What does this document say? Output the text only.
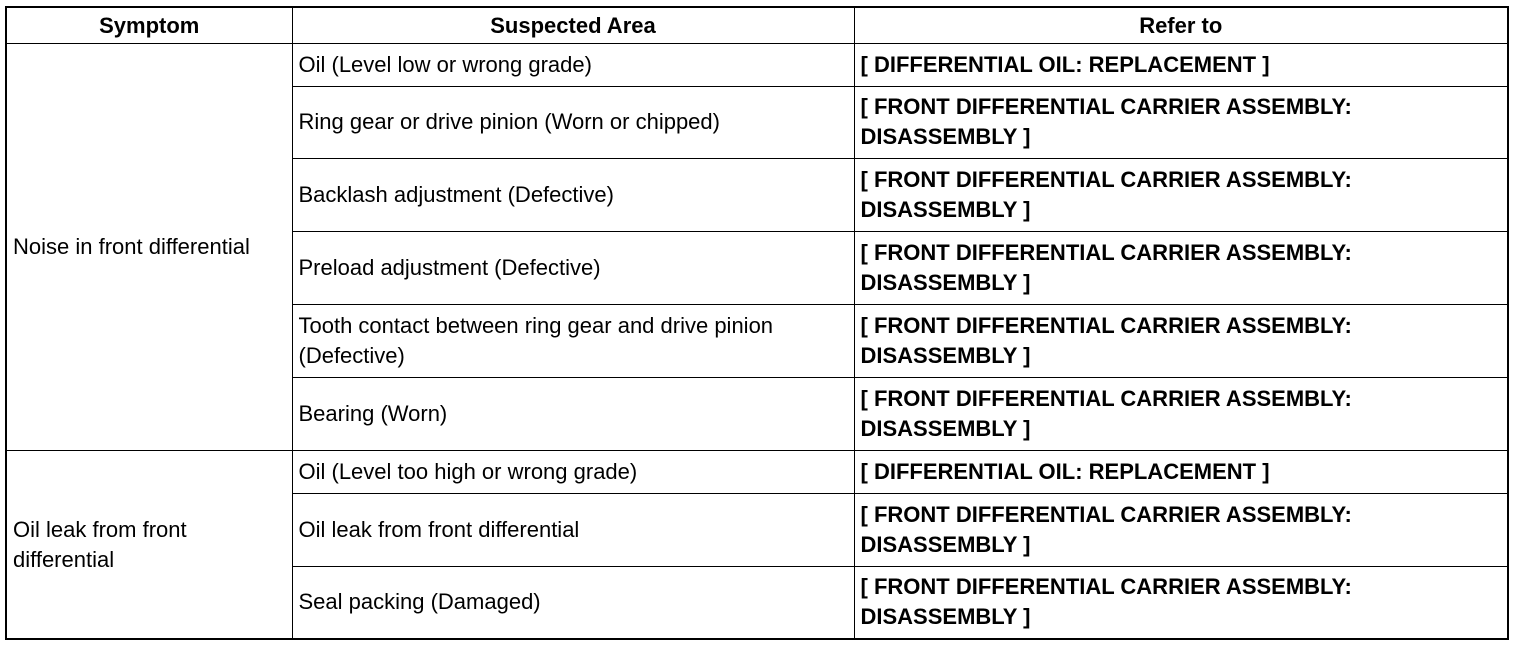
Symptom	Suspected Area	Refer to
Noise in front differential	Oil (Level low or wrong grade)	[ DIFFERENTIAL OIL: REPLACEMENT ]
	Ring gear or drive pinion (Worn or chipped)	[ FRONT DIFFERENTIAL CARRIER ASSEMBLY: DISASSEMBLY ]
	Backlash adjustment (Defective)	[ FRONT DIFFERENTIAL CARRIER ASSEMBLY: DISASSEMBLY ]
	Preload adjustment (Defective)	[ FRONT DIFFERENTIAL CARRIER ASSEMBLY: DISASSEMBLY ]
	Tooth contact between ring gear and drive pinion (Defective)	[ FRONT DIFFERENTIAL CARRIER ASSEMBLY: DISASSEMBLY ]
	Bearing (Worn)	[ FRONT DIFFERENTIAL CARRIER ASSEMBLY: DISASSEMBLY ]
Oil leak from front differential	Oil (Level too high or wrong grade)	[ DIFFERENTIAL OIL: REPLACEMENT ]
	Oil leak from front differential	[ FRONT DIFFERENTIAL CARRIER ASSEMBLY: DISASSEMBLY ]
	Seal packing (Damaged)	[ FRONT DIFFERENTIAL CARRIER ASSEMBLY: DISASSEMBLY ]
